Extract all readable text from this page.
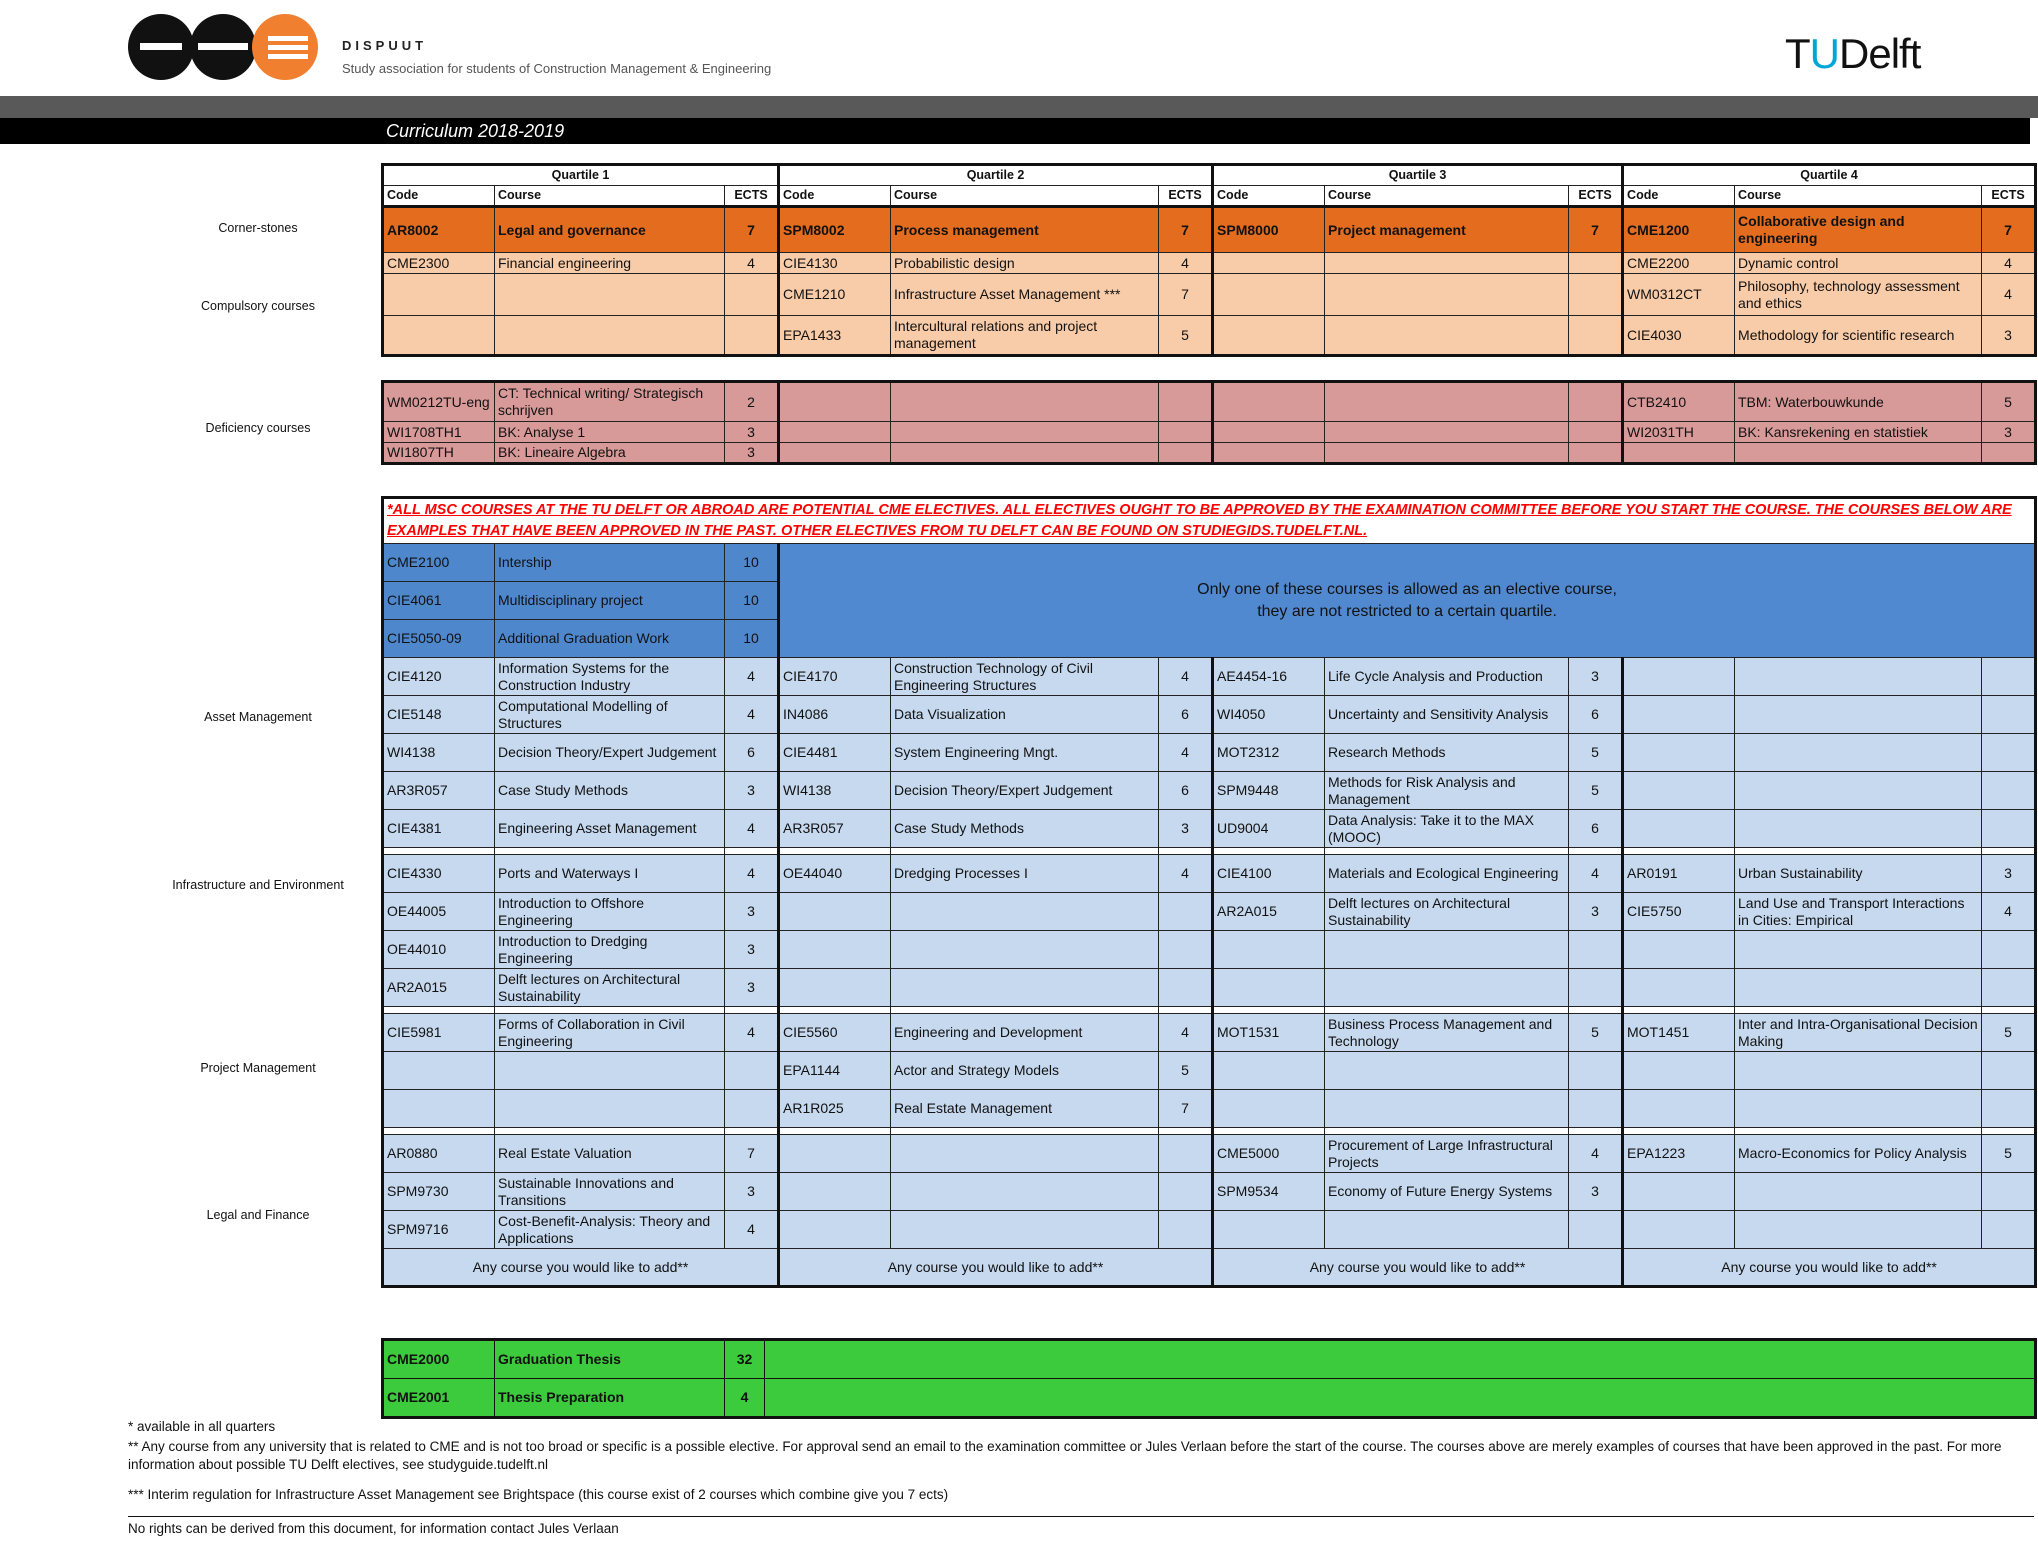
DISPUUT
Study association for students of Construction Management & Engineering	TUDelft
Curriculum 2018-2019
Corner-stones
Compulsory courses
Deficiency courses
Asset Management
Infrastructure and Environment
Project Management
Legal and Finance
Quartile 1			Quartile 2			Quartile 3			Quartile 4		
Code	Course	ECTS	Code	Course	ECTS	Code	Course	ECTS	Code	Course	ECTS
AR8002	Legal and governance	7	SPM8002	Process management	7	SPM8000	Project management	7	CME1200	Collaborative design and engineering	7
CME2300	Financial engineering	4	CIE4130	Probabilistic design	4				CME2200	Dynamic control	4
			CME1210	Infrastructure Asset Management ***	7				WM0312CT	Philosophy, technology assessment and ethics	4
			EPA1433	Intercultural relations and project management	5				CIE4030	Methodology for scientific research	3
WM0212TU-eng	CT: Technical writing/ Strategisch schrijven	2							CTB2410	TBM: Waterbouwkunde	5
WI1708TH1	BK: Analyse 1	3							WI2031TH	BK: Kansrekening en statistiek	3
WI1807TH	BK: Lineaire Algebra	3									
*ALL MSC COURSES AT THE TU DELFT OR ABROAD ARE POTENTIAL CME ELECTIVES. ALL ELECTIVES OUGHT TO BE APPROVED BY THE EXAMINATION COMMITTEE BEFORE YOU START THE COURSE. THE COURSES BELOW ARE EXAMPLES THAT HAVE BEEN APPROVED IN THE PAST. OTHER ELECTIVES FROM TU DELFT CAN BE FOUND ON STUDIEGIDS.TUDELFT.NL.											
CME2100	Intership	10	Only one of these courses is allowed as an elective course,
they are not restricted to a certain quartile.								

CIE4061	Multidisciplinary project	10									
CIE5050-09	Additional Graduation Work	10									
CIE4120	Information Systems for the Construction Industry	4	CIE4170	Construction Technology of Civil Engineering Structures	4	AE4454-16	Life Cycle Analysis and Production	3			
CIE5148	Computational Modelling of Structures	4	IN4086	Data Visualization	6	WI4050	Uncertainty and Sensitivity Analysis	6			
WI4138	Decision Theory/Expert Judgement	6	CIE4481	System Engineering Mngt.	4	MOT2312	Research Methods	5			
AR3R057	Case Study Methods	3	WI4138	Decision Theory/Expert Judgement	6	SPM9448	Methods for Risk Analysis and Management	5			
CIE4381	Engineering Asset Management	4	AR3R057	Case Study Methods	3	UD9004	Data Analysis: Take it to the MAX (MOOC)	6			

CIE4330	Ports and Waterways I	4	OE44040	Dredging Processes I	4	CIE4100	Materials and Ecological Engineering	4	AR0191	Urban Sustainability	3
OE44005	Introduction to Offshore Engineering	3				AR2A015	Delft lectures on Architectural Sustainability	3	CIE5750	Land Use and Transport Interactions in Cities: Empirical	4
OE44010	Introduction to Dredging Engineering	3									
AR2A015	Delft lectures on Architectural Sustainability	3									

CIE5981	Forms of Collaboration in Civil Engineering	4	CIE5560	Engineering and Development	4	MOT1531	Business Process Management and Technology	5	MOT1451	Inter and Intra-Organisational Decision Making	5
			EPA1144	Actor and Strategy Models	5						
			AR1R025	Real Estate Management	7						

AR0880	Real Estate Valuation	7				CME5000	Procurement of Large Infrastructural Projects	4	EPA1223	Macro-Economics for Policy Analysis	5
SPM9730	Sustainable Innovations and Transitions	3				SPM9534	Economy of Future Energy Systems	3			
SPM9716	Cost-Benefit-Analysis: Theory and Applications	4									
Any course you would like to add**			Any course you would like to add**			Any course you would like to add**			Any course you would like to add**		
CME2000	Graduation Thesis	32	
CME2001	Thesis Preparation	4	
* available in all quarters
** Any course from any university that is related to CME and is not too broad or specific is a possible elective. For approval send an email to the examination committee or Jules Verlaan before the start of the course. The courses above are merely examples of courses that have been approved in the past. For more information about possible TU Delft electives, see studyguide.tudelft.nl
*** Interim regulation for Infrastructure Asset Management see Brightspace (this course exist of 2 courses which combine give you 7 ects)
No rights can be derived from this document, for information contact Jules Verlaan
